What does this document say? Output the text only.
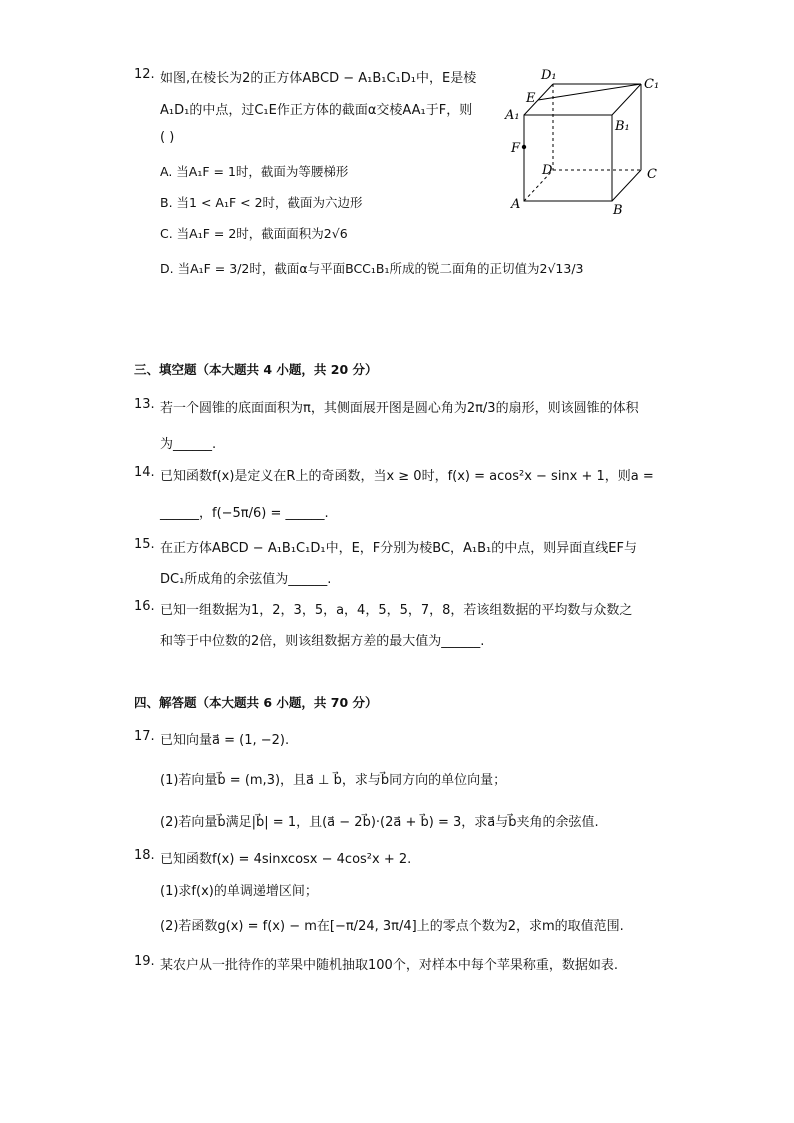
12. 如图,在棱长为2的正方体ABCD − A₁B₁C₁D₁中，E是棱
A₁D₁的中点，过C₁E作正方体的截面α交棱AA₁于F，则
( )
A. 当A₁F = 1时，截面为等腰梯形
B. 当1 < A₁F < 2时，截面为六边形
C. 当A₁F = 2时，截面面积为2√6
D. 当A₁F = 3/2时，截面α与平面BCC₁B₁所成的锐二面角的正切值为2√13/3
D₁
C₁
E
A₁
B₁
F
D	C
A	B
三、填空题（本大题共 4 小题，共 20 分）
13. 若一个圆锥的底面面积为π，其侧面展开图是圆心角为2π/3的扇形，则该圆锥的体积
为______.
14. 已知函数f(x)是定义在R上的奇函数，当x ≥ 0时，f(x) = acos²x − sinx + 1，则a =
______，f(−5π/6) = ______.
15. 在正方体ABCD − A₁B₁C₁D₁中，E，F分别为棱BC，A₁B₁的中点，则异面直线EF与
DC₁所成角的余弦值为______.
16. 已知一组数据为1，2，3，5，a，4，5，5，7，8，若该组数据的平均数与众数之
和等于中位数的2倍，则该组数据方差的最大值为______.
四、解答题（本大题共 6 小题，共 70 分）
17. 已知向量a⃗ = (1, −2).
(1)若向量b⃗ = (m,3)，且a⃗ ⊥ b⃗，求与b⃗同方向的单位向量；
(2)若向量b⃗满足|b⃗| = 1，且(a⃗ − 2b⃗)·(2a⃗ + b⃗) = 3，求a⃗与b⃗夹角的余弦值.
18. 已知函数f(x) = 4sinxcosx − 4cos²x + 2.
(1)求f(x)的单调递增区间；
(2)若函数g(x) = f(x) − m在[−π/24, 3π/4]上的零点个数为2，求m的取值范围.
19. 某农户从一批待作的苹果中随机抽取100个，对样本中每个苹果称重，数据如表.
